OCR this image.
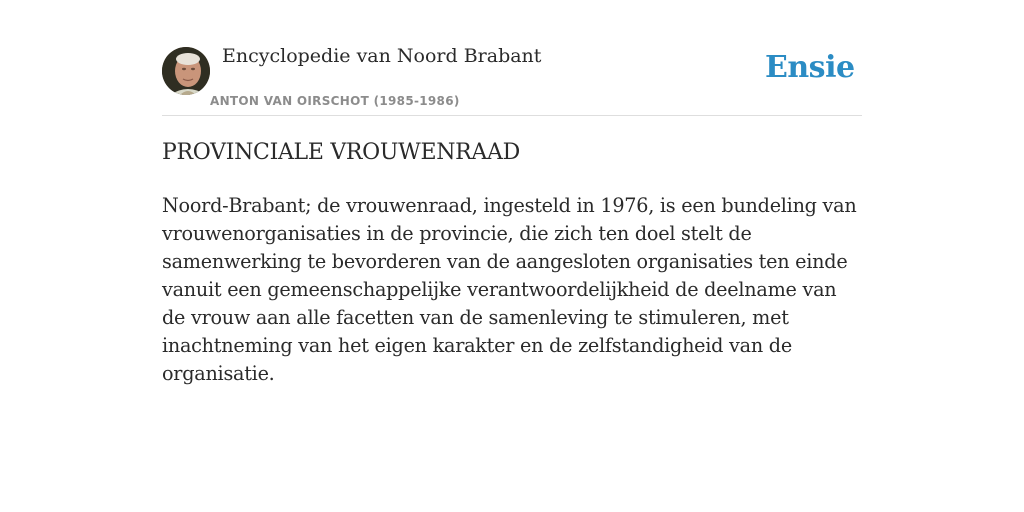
Encyclopedie van Noord Brabant
ANTON VAN OIRSCHOT (1985-1986)
Ensie
PROVINCIALE VROUWENRAAD

Noord-Brabant; de vrouwenraad, ingesteld in 1976, is een bundeling van vrouwenorganisaties in de provincie, die zich ten doel stelt de samenwerking te bevorderen van de aangesloten organisaties ten einde vanuit een gemeenschappelijke verantwoordelijkheid de deelname van de vrouw aan alle facetten van de samenleving te stimuleren, met inachtneming van het eigen karakter en de zelfstandigheid van de organisatie.
